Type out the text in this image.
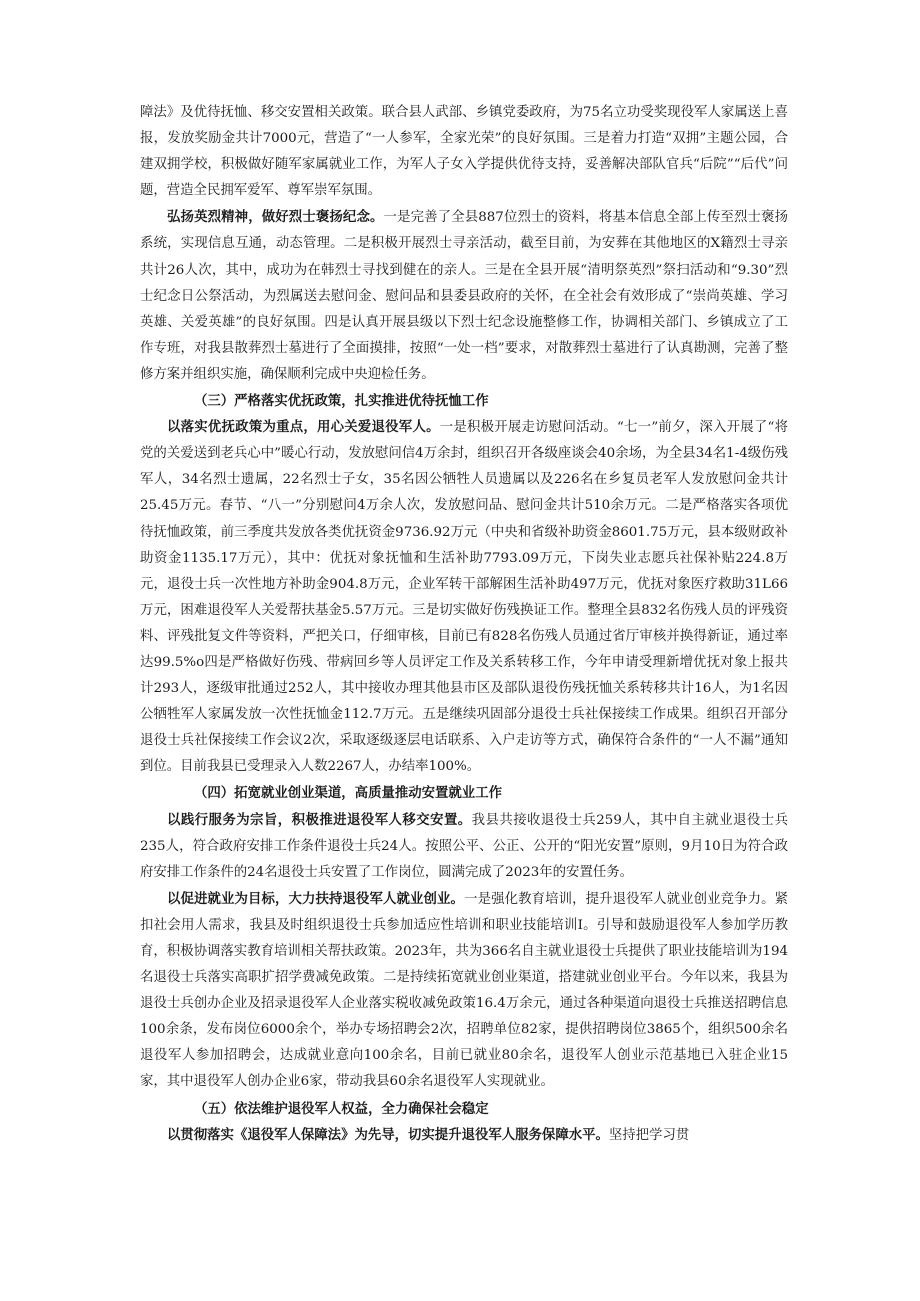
障法》及优待抚恤、移交安置相关政策。联合县人武部、乡镇党委政府，为75名立功受奖现役军人家属送上喜报，发放奖励金共计7000元，营造了“一人参军，全家光荣”的良好氛围。三是着力打造“双拥”主题公园，合建双拥学校，积极做好随军家属就业工作，为军人子女入学提供优待支持，妥善解决部队官兵“后院”“后代”问题，营造全民拥军爱军、尊军崇军氛围。

弘扬英烈精神，做好烈士褒扬纪念。一是完善了全县887位烈士的资料，将基本信息全部上传至烈士褒扬系统，实现信息互通，动态管理。二是积极开展烈士寻亲活动，截至目前，为安葬在其他地区的X籍烈士寻亲共计26人次，其中，成功为在韩烈士寻找到健在的亲人。三是在全县开展“清明祭英烈”祭扫活动和“9.30”烈士纪念日公祭活动，为烈属送去慰问金、慰问品和县委县政府的关怀，在全社会有效形成了“崇尚英雄、学习英雄、关爱英雄”的良好氛围。四是认真开展县级以下烈士纪念设施整修工作，协调相关部门、乡镇成立了工作专班，对我县散葬烈士墓进行了全面摸排，按照“一处一档”要求，对散葬烈士墓进行了认真勘测，完善了整修方案并组织实施，确保顺利完成中央迎检任务。

（三）严格落实优抚政策，扎实推进优待抚恤工作

以落实优抚政策为重点，用心关爱退役军人。一是积极开展走访慰问活动。“七一”前夕，深入开展了“将党的关爱送到老兵心中”暖心行动，发放慰问信4万余封，组织召开各级座谈会40余场，为全县34名1-4级伤残军人，34名烈士遗属，22名烈士子女，35名因公牺牲人员遗属以及226名在乡复员老军人发放慰问金共计25.45万元。春节、“八一”分别慰问4万余人次，发放慰问品、慰问金共计510余万元。二是严格落实各项优待抚恤政策，前三季度共发放各类优抚资金9736.92万元（中央和省级补助资金8601.75万元，县本级财政补助资金1135.17万元），其中：优抚对象抚恤和生活补助7793.09万元，下岗失业志愿兵社保补贴224.8万元，退役士兵一次性地方补助金904.8万元，企业军转干部解困生活补助497万元，优抚对象医疗救助31L66万元，困难退役军人关爱帮扶基金5.57万元。三是切实做好伤残换证工作。整理全县832名伤残人员的评残资料、评残批复文件等资料，严把关口，仔细审核，目前已有828名伤残人员通过省厅审核并换得新证，通过率达99.5%o四是严格做好伤残、带病回乡等人员评定工作及关系转移工作，今年申请受理新增优抚对象上报共计293人，逐级审批通过252人，其中接收办理其他县市区及部队退役伤残抚恤关系转移共计16人，为1名因公牺牲军人家属发放一次性抚恤金112.7万元。五是继续巩固部分退役士兵社保接续工作成果。组织召开部分退役士兵社保接续工作会议2次，采取逐级逐层电话联系、入户走访等方式，确保符合条件的“一人不漏”通知到位。目前我县已受理录入人数2267人，办结率100%。

（四）拓宽就业创业渠道，高质量推动安置就业工作

以践行服务为宗旨，积极推进退役军人移交安置。我县共接收退役士兵259人，其中自主就业退役士兵235人，符合政府安排工作条件退役士兵24人。按照公平、公正、公开的“阳光安置”原则，9月10日为符合政府安排工作条件的24名退役士兵安置了工作岗位，圆满完成了2023年的安置任务。

以促进就业为目标，大力扶持退役军人就业创业。一是强化教育培训，提升退役军人就业创业竞争力。紧扣社会用人需求，我县及时组织退役士兵参加适应性培训和职业技能培训I。引导和鼓励退役军人参加学历教育，积极协调落实教育培训相关帮扶政策。2023年，共为366名自主就业退役士兵提供了职业技能培训为194名退役士兵落实高职扩招学费减免政策。二是持续拓宽就业创业渠道，搭建就业创业平台。今年以来，我县为退役士兵创办企业及招录退役军人企业落实税收减免政策16.4万余元，通过各种渠道向退役士兵推送招聘信息100余条，发布岗位6000余个，举办专场招聘会2次，招聘单位82家，提供招聘岗位3865个，组织500余名退役军人参加招聘会，达成就业意向100余名，目前已就业80余名，退役军人创业示范基地已入驻企业15家，其中退役军人创办企业6家，带动我县60余名退役军人实现就业。

（五）依法维护退役军人权益，全力确保社会稳定

以贯彻落实《退役军人保障法》为先导，切实提升退役军人服务保障水平。坚持把学习贯
